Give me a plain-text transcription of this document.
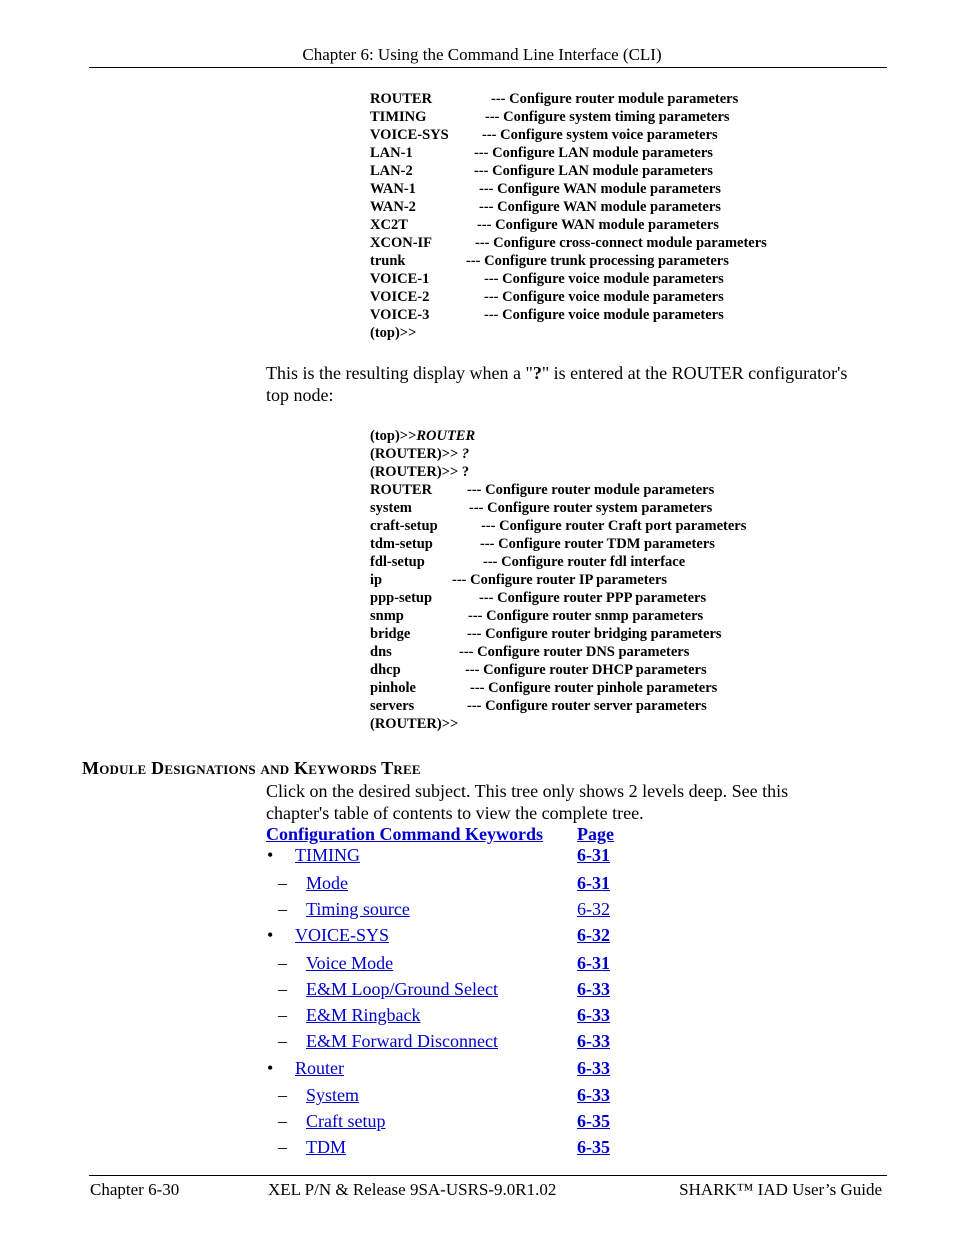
Chapter 6: Using the Command Line Interface (CLI)
ROUTER	--- Configure router module parameters
TIMING	--- Configure system timing parameters
VOICE-SYS --- Configure system voice parameters
LAN-1	--- Configure LAN module parameters
LAN-2	--- Configure LAN module parameters
WAN-1	--- Configure WAN module parameters
WAN-2	--- Configure WAN module parameters
XC2T	--- Configure WAN module parameters
XCON-IF	--- Configure cross-connect module parameters
trunk	--- Configure trunk processing parameters
VOICE-1	--- Configure voice module parameters
VOICE-2	--- Configure voice module parameters
VOICE-3	--- Configure voice module parameters
(top)>>
This is the resulting display when a "?" is entered at the ROUTER configurator's
top node:
(top)>>ROUTER
(ROUTER)>> ?
(ROUTER)>> ?
ROUTER --- Configure router module parameters
system	--- Configure router system parameters
craft-setup	--- Configure router Craft port parameters
tdm-setup	--- Configure router TDM parameters
fdl-setup	--- Configure router fdl interface
ip	--- Configure router IP parameters
ppp-setup	--- Configure router PPP parameters
snmp	--- Configure router snmp parameters
bridge	--- Configure router bridging parameters
dns	--- Configure router DNS parameters
dhcp	--- Configure router DHCP parameters
pinhole	--- Configure router pinhole parameters
servers	--- Configure router server parameters
(ROUTER)>>
Module Designations and Keywords Tree
Click on the desired subject. This tree only shows 2 levels deep. See this
chapter's table of contents to view the complete tree.
Configuration Command Keywords Page
• TIMING	6-31
– Mode	6-31
– Timing source	6-32
• VOICE-SYS	6-32
– Voice Mode	6-31
– E&M Loop/Ground Select	6-33
– E&M Ringback	6-33
– E&M Forward Disconnect	6-33
• Router	6-33
– System	6-33
– Craft setup	6-35
– TDM	6-35
Chapter 6-30	XEL P/N & Release 9SA-USRS-9.0R1.02	SHARK™ IAD User’s Guide
